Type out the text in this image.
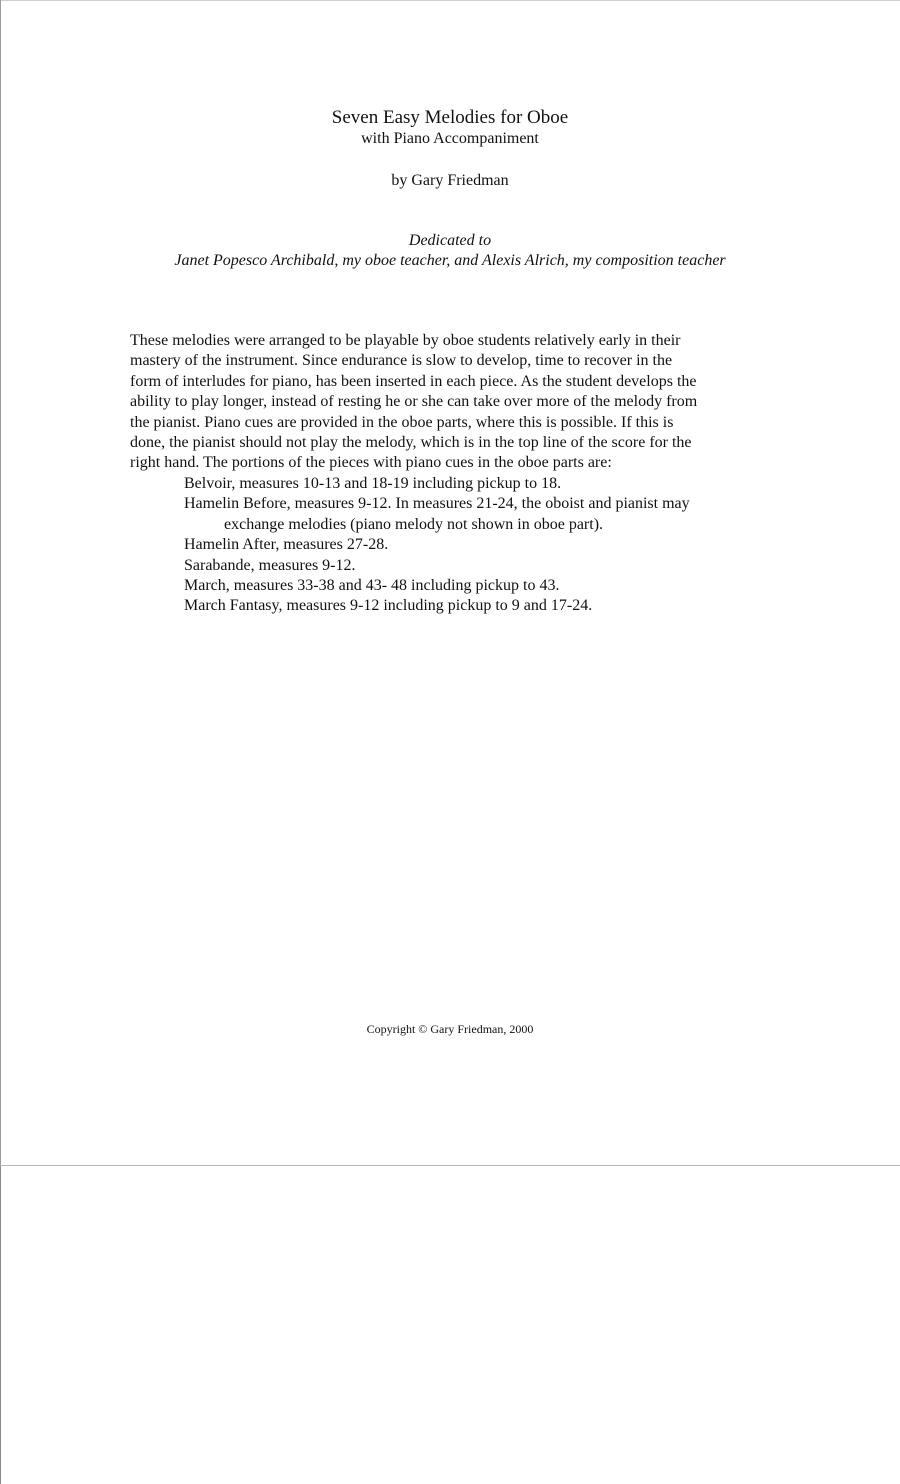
Seven Easy Melodies for Oboe
with Piano Accompaniment
by Gary Friedman
Dedicated to
Janet Popesco Archibald, my oboe teacher, and Alexis Alrich, my composition teacher

These melodies were arranged to be playable by oboe students relatively early in their
mastery of the instrument. Since endurance is slow to develop, time to recover in the
form of interludes for piano, has been inserted in each piece. As the student develops the
ability to play longer, instead of resting he or she can take over more of the melody from
the pianist. Piano cues are provided in the oboe parts, where this is possible. If this is
done, the pianist should not play the melody, which is in the top line of the score for the
right hand. The portions of the pieces with piano cues in the oboe parts are:

Belvoir, measures 10-13 and 18-19 including pickup to 18.
Hamelin Before, measures 9-12. In measures 21-24, the oboist and pianist may
exchange melodies (piano melody not shown in oboe part).
Hamelin After, measures 27-28.
Sarabande, measures 9-12.
March, measures 33-38 and 43- 48 including pickup to 43.
March Fantasy, measures 9-12 including pickup to 9 and 17-24.
Copyright © Gary Friedman, 2000
